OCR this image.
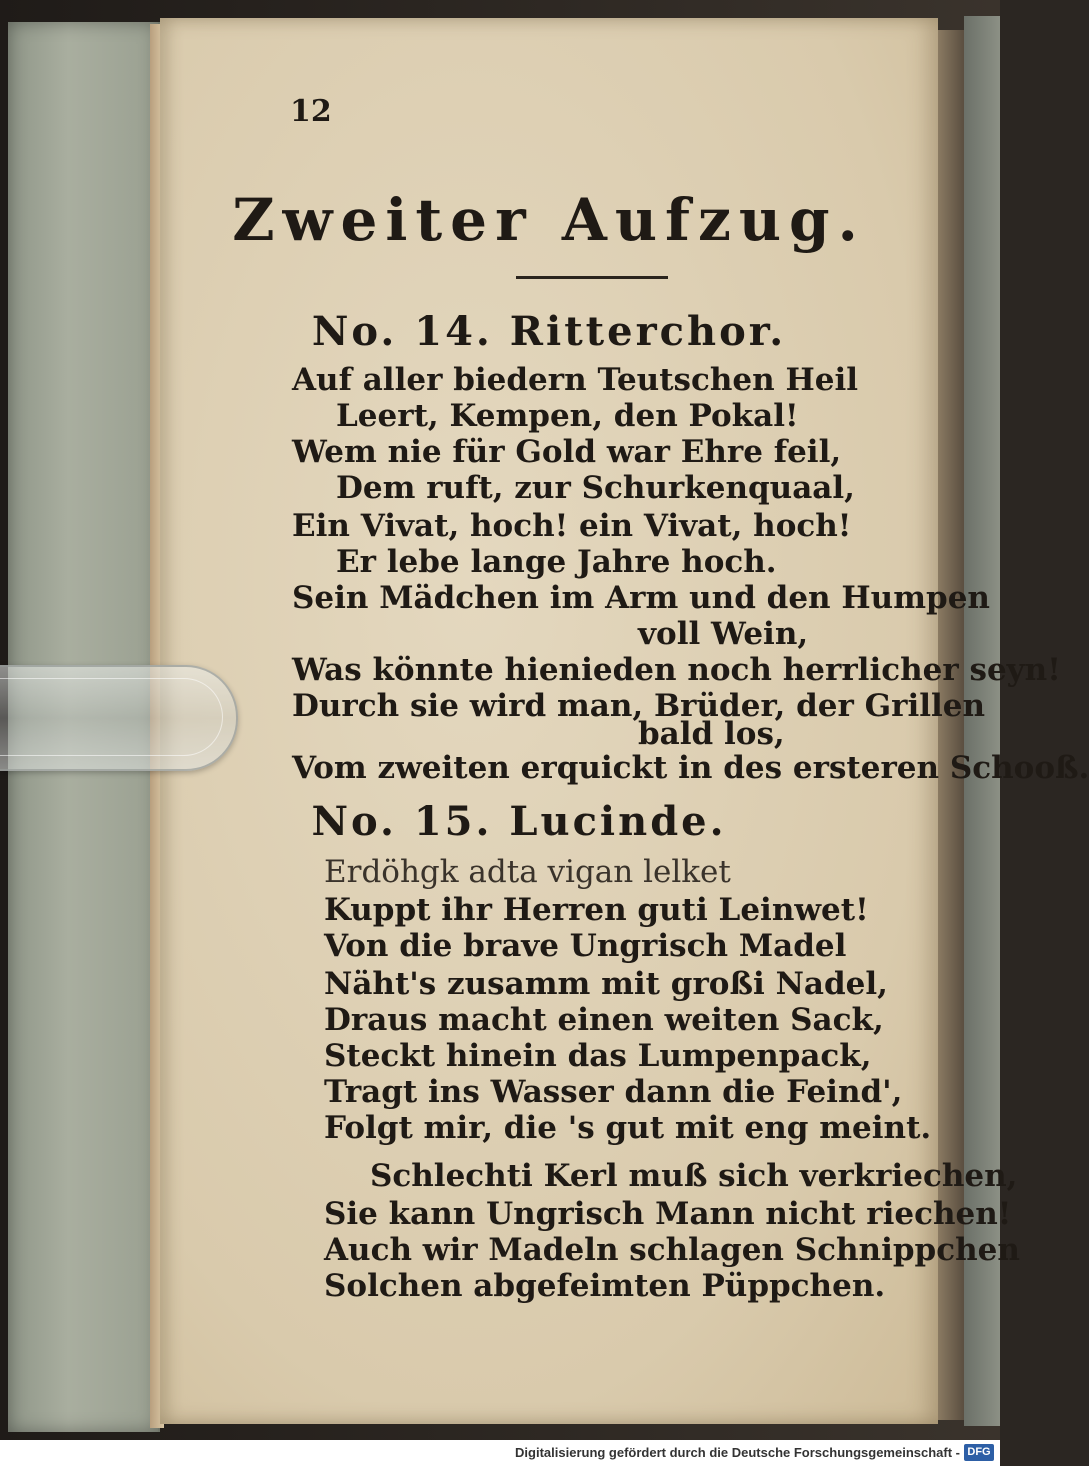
12
Zweiter Aufzug.
No. 14. Ritterchor.
Auf aller biedern Teutschen Heil
Leert, Kempen, den Pokal!
Wem nie für Gold war Ehre feil,
Dem ruft, zur Schurkenquaal,
Ein Vivat, hoch! ein Vivat, hoch!
Er lebe lange Jahre hoch.
Sein Mädchen im Arm und den Humpen
voll Wein,
Was könnte hienieden noch herrlicher seyn!
Durch sie wird man, Brüder, der Grillen
bald los,
Vom zweiten erquickt in des ersteren Schooß.
No. 15. Lucinde.
Erdöhgk adta vigan lelket
Kuppt ihr Herren guti Leinwet!
Von die brave Ungrisch Madel
Näht's zusamm mit großi Nadel,
Draus macht einen weiten Sack,
Steckt hinein das Lumpenpack,
Tragt ins Wasser dann die Feind',
Folgt mir, die 's gut mit eng meint.
Schlechti Kerl muß sich verkriechen,
Sie kann Ungrisch Mann nicht riechen!
Auch wir Madeln schlagen Schnippchen
Solchen abgefeimten Püppchen.
Digitalisierung gefördert durch die Deutsche Forschungsgemeinschaft - DFG
